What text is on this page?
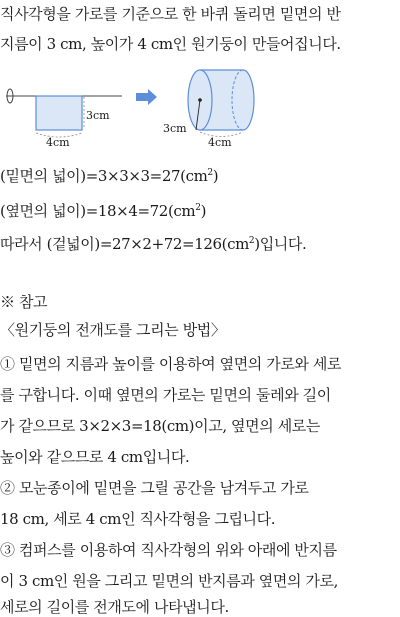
직사각형을 가로를 기준으로 한 바퀴 돌리면 밑면의 반
지름이 3 cm, 높이가 4 cm인 원기둥이 만들어집니다.
3cm
4cm
3cm
4cm
(밑면의 넓이)$=3\times 3\times 3=27(cm^2)$
(옆면의 넓이)$=18\times 4=72(cm^2)$
따라서 (겉넓이)$=27\times 2+72=126(cm^2)$입니다.
※ 참고
〈원기둥의 전개도를 그리는 방법〉
① 밑면의 지름과 높이를 이용하여 옆면의 가로와 세로
를 구합니다. 이때 옆면의 가로는 밑면의 둘레와 길이
가 같으므로 3×2×3=18(cm)이고, 옆면의 세로는
높이와 같으므로 4 cm입니다.
② 모눈종이에 밑면을 그릴 공간을 남겨두고 가로
18 cm, 세로 4 cm인 직사각형을 그립니다.
③ 컴퍼스를 이용하여 직사각형의 위와 아래에 반지름
이 3 cm인 원을 그리고 밑면의 반지름과 옆면의 가로,
세로의 길이를 전개도에 나타냅니다.
